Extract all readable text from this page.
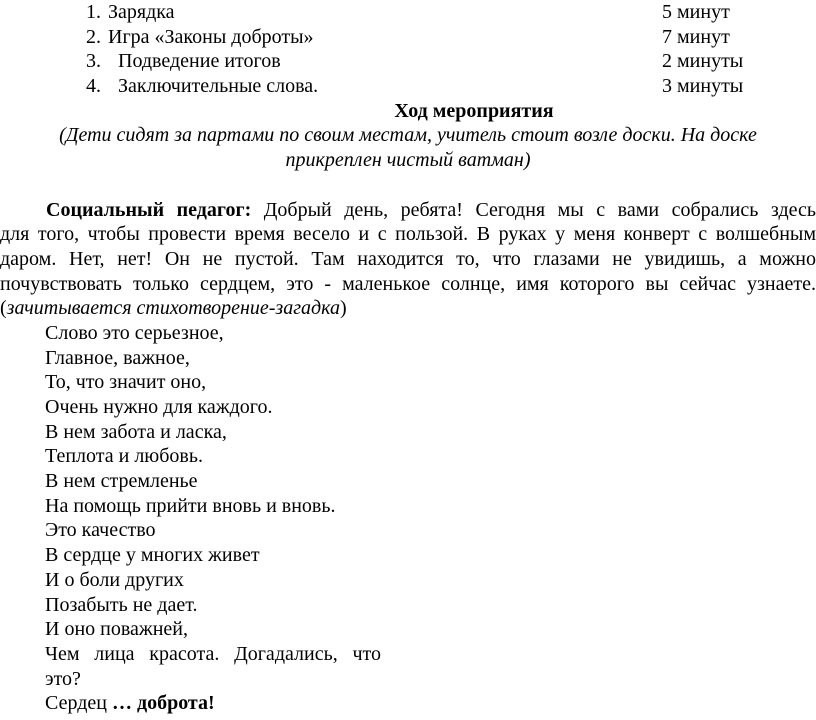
1. Зарядка	5 минут
2. Игра «Законы доброты»	7 минут
3. Подведение итогов	2 минуты
4. Заключительные слова.	3 минуты
Ход мероприятия
(Дети сидят за партами по своим местам, учитель стоит возле доски. На доске
прикреплен чистый ватман)
Социальный педагог: Добрый день, ребята! Сегодня мы с вами собрались здесь
для того, чтобы провести время весело и с пользой. В руках у меня конверт с волшебным
даром. Нет, нет! Он не пустой. Там находится то, что глазами не увидишь, а можно
почувствовать только сердцем, это - маленькое солнце, имя которого вы сейчас узнаете.
(зачитывается стихотворение-загадка)
Слово это серьезное,
Главное, важное,
То, что значит оно,
Очень нужно для каждого.
В нем забота и ласка,
Теплота и любовь.
В нем стремленье
На помощь прийти вновь и вновь.
Это качество
В сердце у многих живет
И о боли других
Позабыть не дает.
И оно поважней,
Чем лица красота. Догадались, что
это?
Сердец … доброта!
